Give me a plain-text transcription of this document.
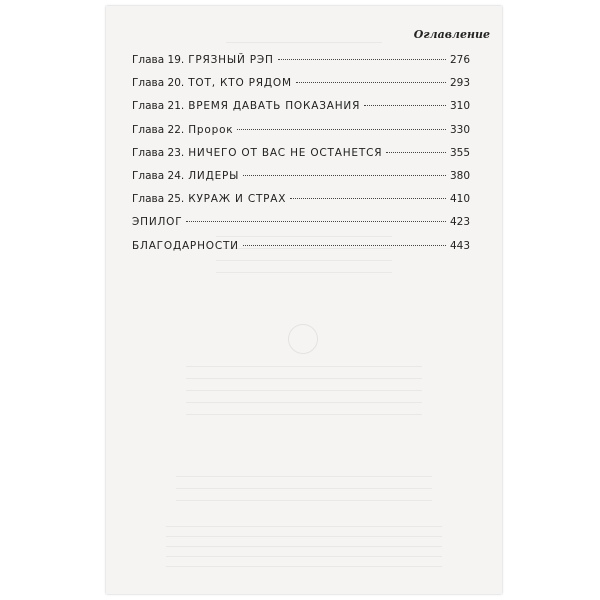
Оглавление
Глава 19. ГРЯЗНЫЙ РЭП	276
Глава 20. ТОТ, КТО РЯДОМ	293
Глава 21. ВРЕМЯ ДАВАТЬ ПОКАЗАНИЯ	310
Глава 22. Пророк	330
Глава 23. НИЧЕГО ОТ ВАС НЕ ОСТАНЕТСЯ	355
Глава 24. ЛИДЕРЫ	380
Глава 25. КУРАЖ И СТРАХ	410
ЭПИЛОГ	423
БЛАГОДАРНОСТИ	443
